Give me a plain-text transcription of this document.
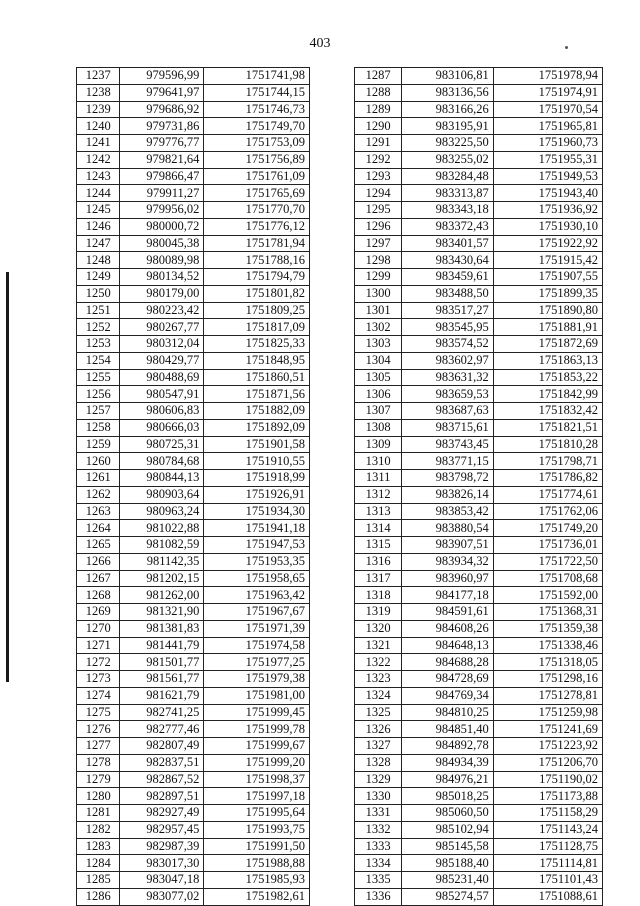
403
1237	979596,99	1751741,98
1238	979641,97	1751744,15
1239	979686,92	1751746,73
1240	979731,86	1751749,70
1241	979776,77	1751753,09
1242	979821,64	1751756,89
1243	979866,47	1751761,09
1244	979911,27	1751765,69
1245	979956,02	1751770,70
1246	980000,72	1751776,12
1247	980045,38	1751781,94
1248	980089,98	1751788,16
1249	980134,52	1751794,79
1250	980179,00	1751801,82
1251	980223,42	1751809,25
1252	980267,77	1751817,09
1253	980312,04	1751825,33
1254	980429,77	1751848,95
1255	980488,69	1751860,51
1256	980547,91	1751871,56
1257	980606,83	1751882,09
1258	980666,03	1751892,09
1259	980725,31	1751901,58
1260	980784,68	1751910,55
1261	980844,13	1751918,99
1262	980903,64	1751926,91
1263	980963,24	1751934,30
1264	981022,88	1751941,18
1265	981082,59	1751947,53
1266	981142,35	1751953,35
1267	981202,15	1751958,65
1268	981262,00	1751963,42
1269	981321,90	1751967,67
1270	981381,83	1751971,39
1271	981441,79	1751974,58
1272	981501,77	1751977,25
1273	981561,77	1751979,38
1274	981621,79	1751981,00
1275	982741,25	1751999,45
1276	982777,46	1751999,78
1277	982807,49	1751999,67
1278	982837,51	1751999,20
1279	982867,52	1751998,37
1280	982897,51	1751997,18
1281	982927,49	1751995,64
1282	982957,45	1751993,75
1283	982987,39	1751991,50
1284	983017,30	1751988,88
1285	983047,18	1751985,93
1286	983077,02	1751982,61
1287	983106,81	1751978,94
1288	983136,56	1751974,91
1289	983166,26	1751970,54
1290	983195,91	1751965,81
1291	983225,50	1751960,73
1292	983255,02	1751955,31
1293	983284,48	1751949,53
1294	983313,87	1751943,40
1295	983343,18	1751936,92
1296	983372,43	1751930,10
1297	983401,57	1751922,92
1298	983430,64	1751915,42
1299	983459,61	1751907,55
1300	983488,50	1751899,35
1301	983517,27	1751890,80
1302	983545,95	1751881,91
1303	983574,52	1751872,69
1304	983602,97	1751863,13
1305	983631,32	1751853,22
1306	983659,53	1751842,99
1307	983687,63	1751832,42
1308	983715,61	1751821,51
1309	983743,45	1751810,28
1310	983771,15	1751798,71
1311	983798,72	1751786,82
1312	983826,14	1751774,61
1313	983853,42	1751762,06
1314	983880,54	1751749,20
1315	983907,51	1751736,01
1316	983934,32	1751722,50
1317	983960,97	1751708,68
1318	984177,18	1751592,00
1319	984591,61	1751368,31
1320	984608,26	1751359,38
1321	984648,13	1751338,46
1322	984688,28	1751318,05
1323	984728,69	1751298,16
1324	984769,34	1751278,81
1325	984810,25	1751259,98
1326	984851,40	1751241,69
1327	984892,78	1751223,92
1328	984934,39	1751206,70
1329	984976,21	1751190,02
1330	985018,25	1751173,88
1331	985060,50	1751158,29
1332	985102,94	1751143,24
1333	985145,58	1751128,75
1334	985188,40	1751114,81
1335	985231,40	1751101,43
1336	985274,57	1751088,61
